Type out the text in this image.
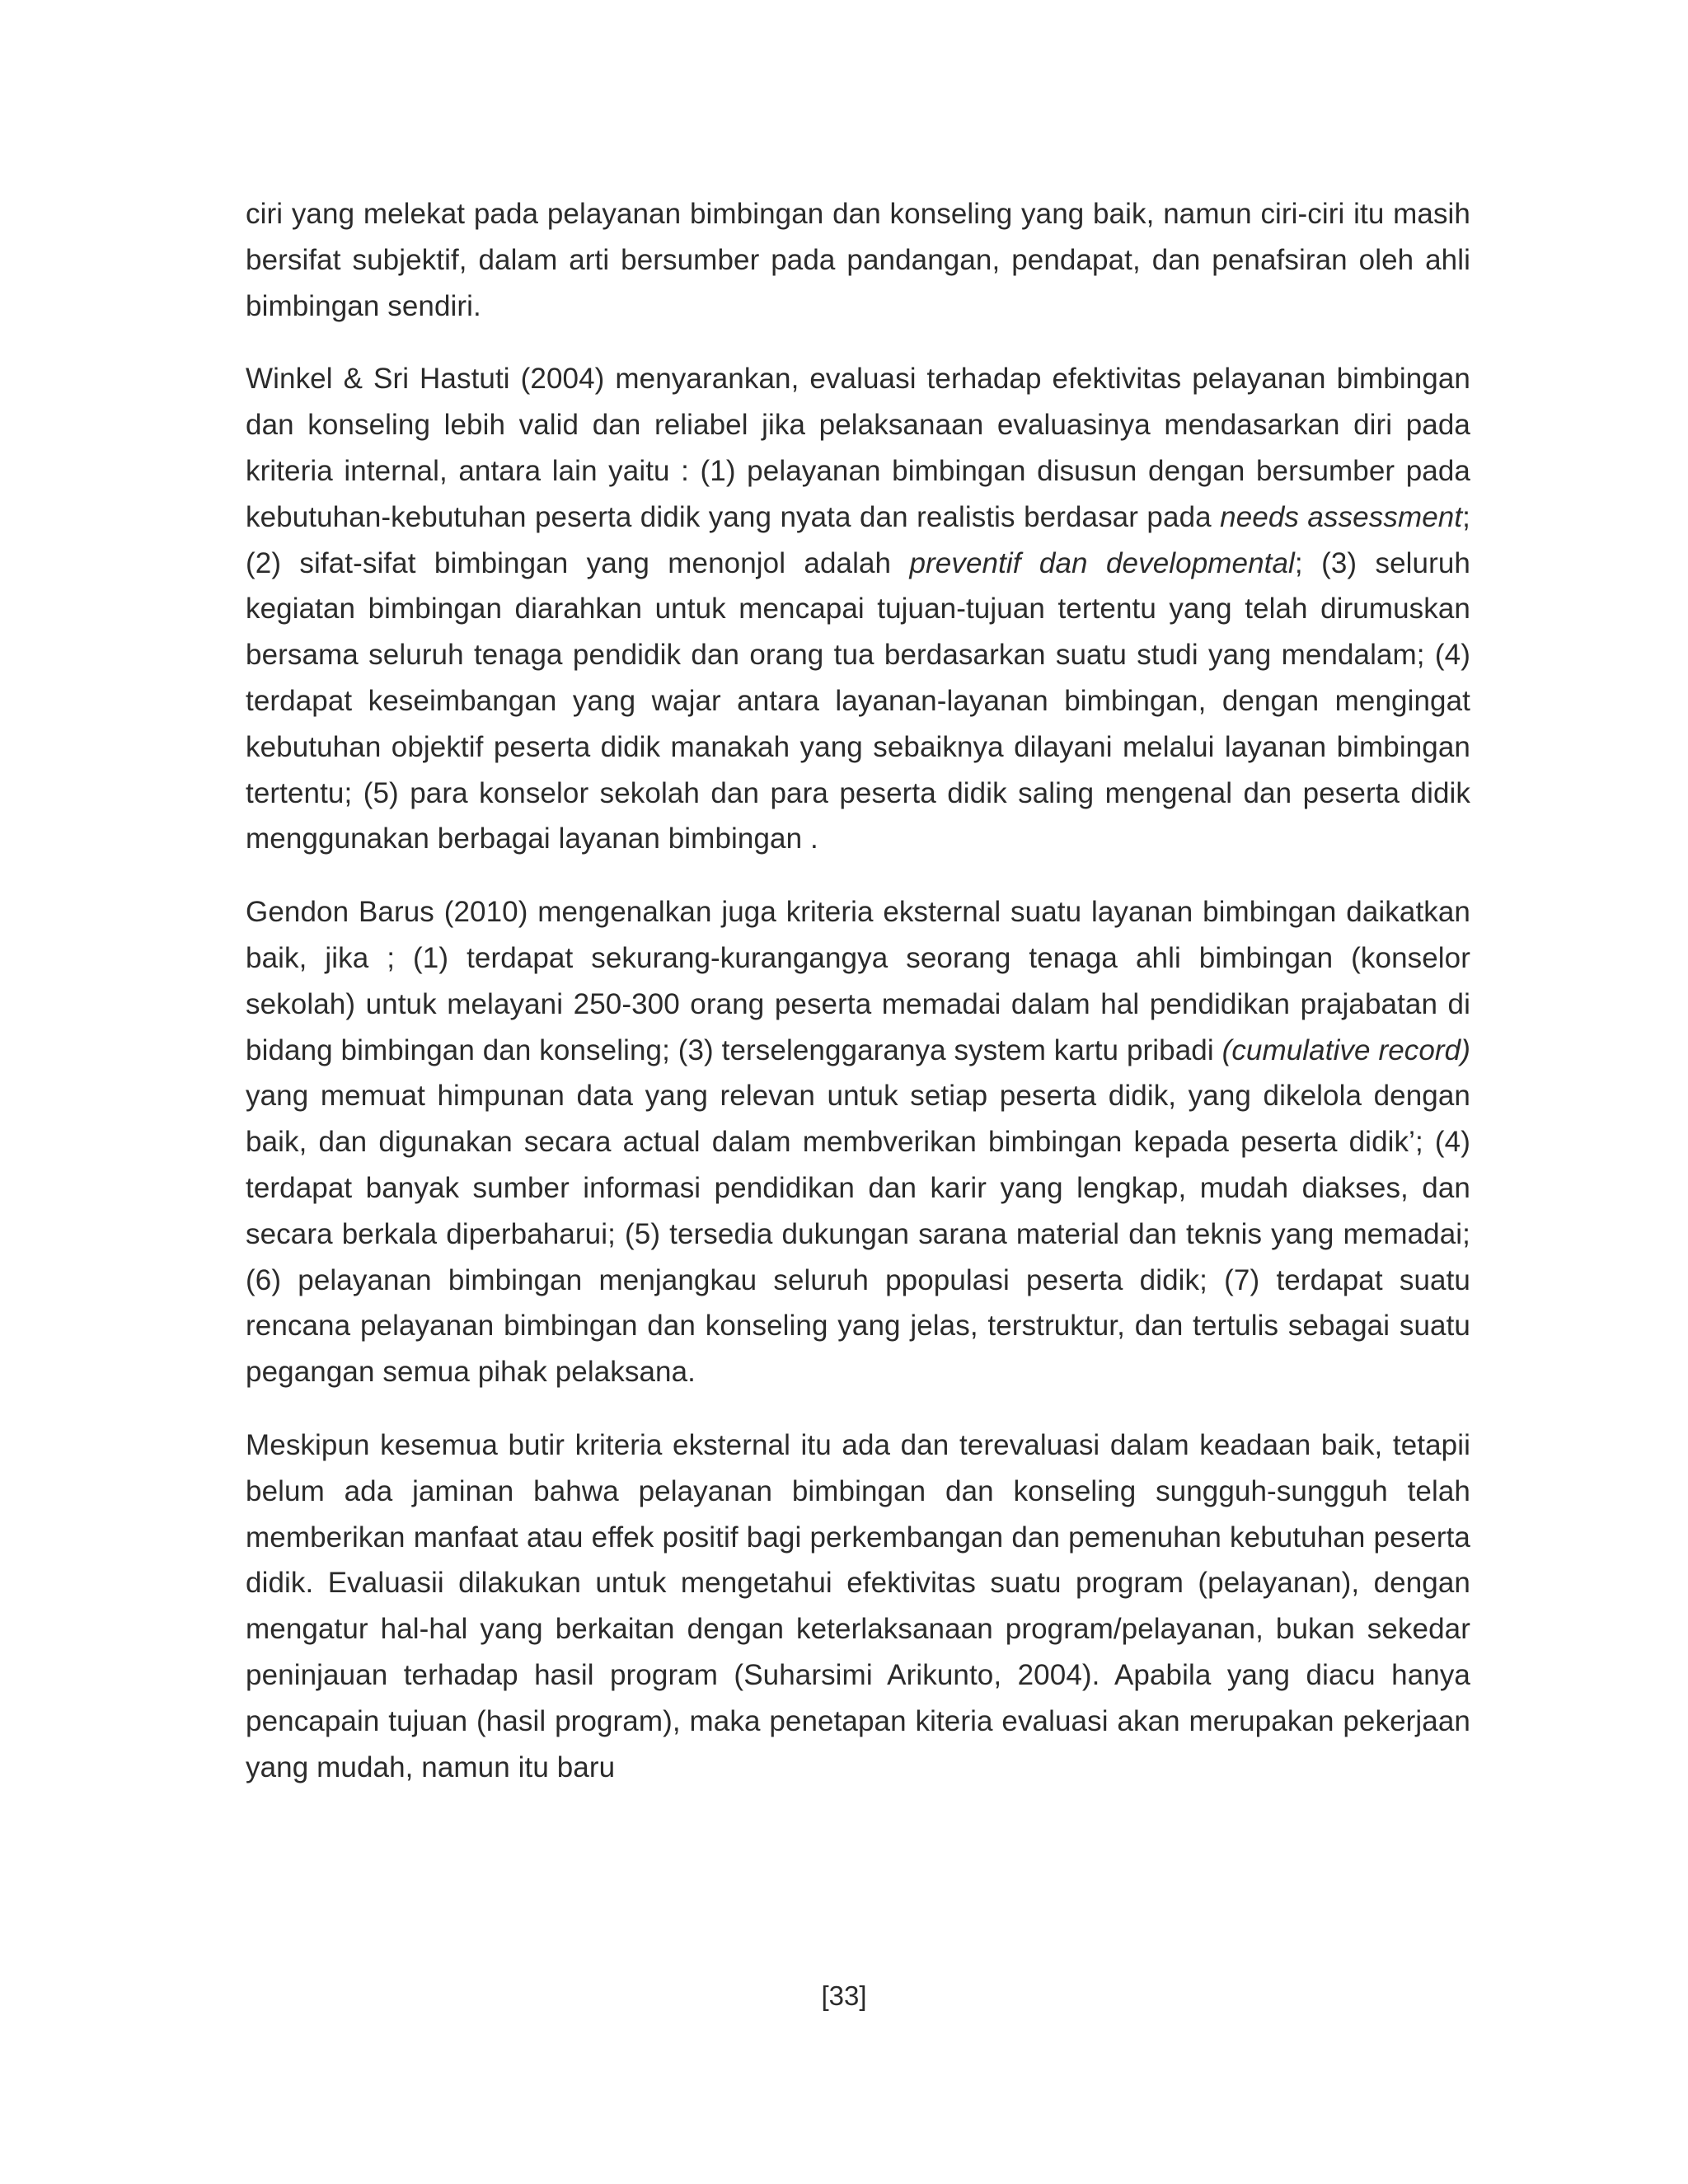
ciri yang melekat pada pelayanan bimbingan dan konseling yang baik, namun ciri-ciri itu masih bersifat subjektif, dalam arti bersumber pada pandangan, pendapat, dan penafsiran oleh ahli bimbingan sendiri.

Winkel & Sri Hastuti (2004) menyarankan, evaluasi terhadap efektivitas pelayanan bimbingan dan konseling lebih valid dan reliabel jika pelaksanaan evaluasinya mendasarkan diri pada kriteria internal, antara lain yaitu : (1) pelayanan bimbingan disusun dengan bersumber pada kebutuhan-kebutuhan peserta didik yang nyata dan realistis berdasar pada needs assessment; (2) sifat-sifat bimbingan yang menonjol adalah preventif dan developmental; (3) seluruh kegiatan bimbingan diarahkan untuk mencapai tujuan-tujuan tertentu yang telah dirumuskan bersama seluruh tenaga pendidik dan orang tua berdasarkan suatu studi yang mendalam; (4) terdapat keseimbangan yang wajar antara layanan-layanan bimbingan, dengan mengingat kebutuhan objektif peserta didik manakah yang sebaiknya dilayani melalui layanan bimbingan tertentu; (5) para konselor sekolah dan para peserta didik saling mengenal dan peserta didik menggunakan berbagai layanan bimbingan .

Gendon Barus (2010) mengenalkan juga kriteria eksternal suatu layanan bimbingan daikatkan baik, jika ; (1) terdapat sekurang-kurangangya seorang tenaga ahli bimbingan (konselor sekolah) untuk melayani 250-300 orang peserta memadai dalam hal pendidikan prajabatan di bidang bimbingan dan konseling; (3) terselenggaranya system kartu pribadi (cumulative record) yang memuat himpunan data yang relevan untuk setiap peserta didik, yang dikelola dengan baik, dan digunakan secara actual dalam membverikan bimbingan kepada peserta didik’; (4) terdapat banyak sumber informasi pendidikan dan karir yang lengkap, mudah diakses, dan secara berkala diperbaharui; (5) tersedia dukungan sarana material dan teknis yang memadai; (6) pelayanan bimbingan menjangkau seluruh ppopulasi peserta didik; (7) terdapat suatu rencana pelayanan bimbingan dan konseling yang jelas, terstruktur, dan tertulis sebagai suatu pegangan semua pihak pelaksana.

Meskipun kesemua butir kriteria eksternal itu ada dan terevaluasi dalam keadaan baik, tetapii belum ada jaminan bahwa pelayanan bimbingan dan konseling sungguh-sungguh telah memberikan manfaat atau effek positif bagi perkembangan dan pemenuhan kebutuhan peserta didik. Evaluasii dilakukan untuk mengetahui efektivitas suatu program (pelayanan), dengan mengatur hal-hal yang berkaitan dengan keterlaksanaan program/pelayanan, bukan sekedar peninjauan terhadap hasil program (Suharsimi Arikunto, 2004). Apabila yang diacu hanya pencapain tujuan (hasil program), maka penetapan kiteria evaluasi akan merupakan pekerjaan yang mudah, namun itu baru

[33]
